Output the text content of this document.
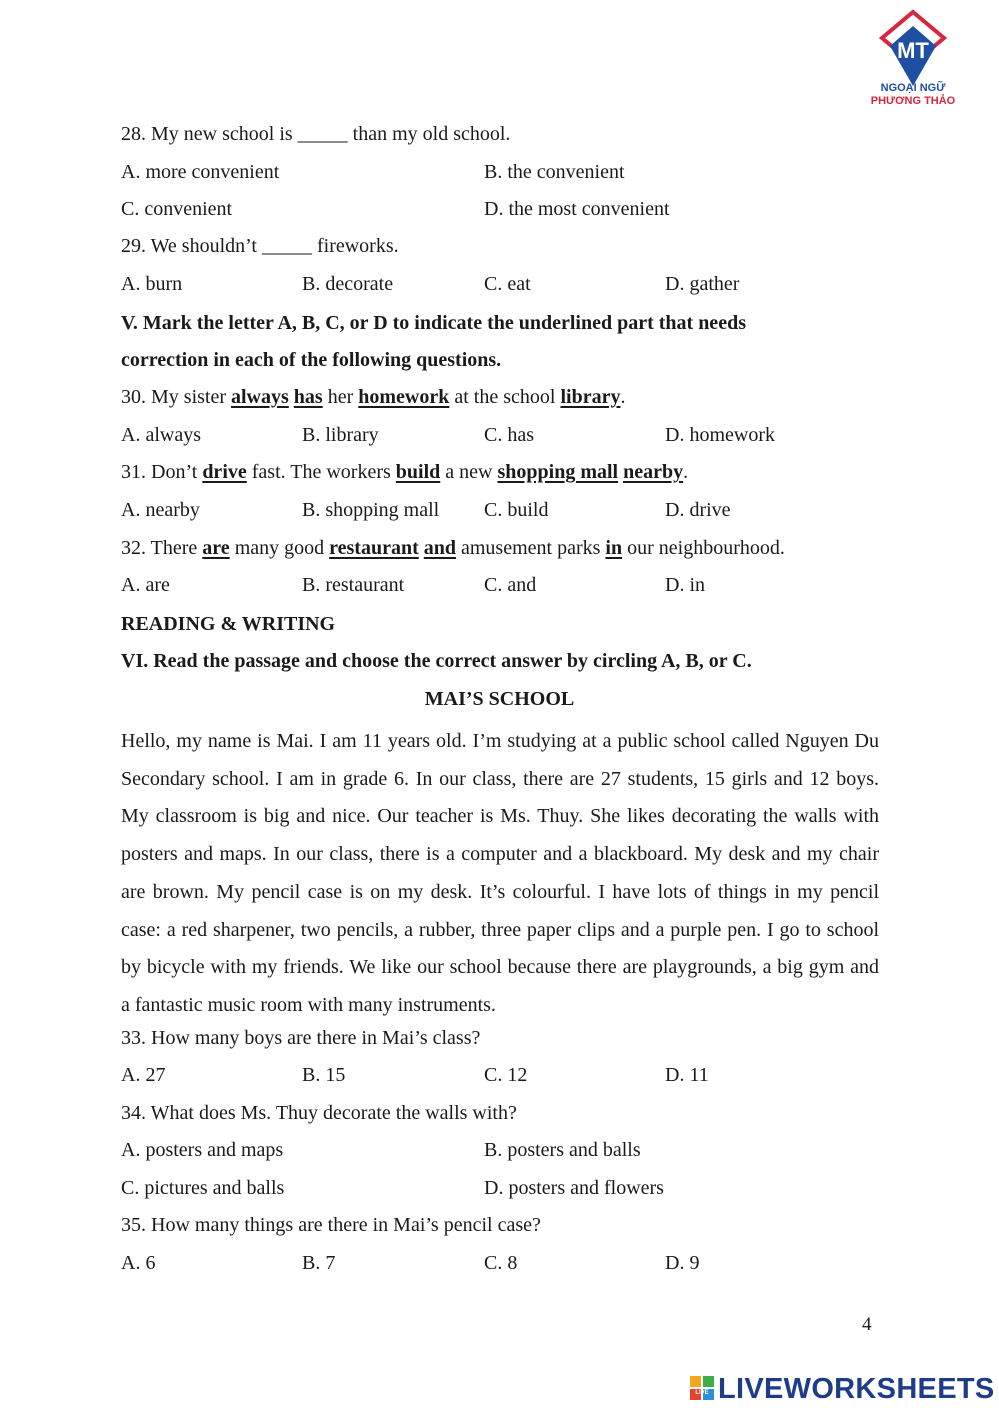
MT
NGOẠI NGỮ
PHƯƠNG THẢO
28. My new school is _____ than my old school.
A. more convenient	B. the convenient
C. convenient	D. the most convenient
29. We shouldn’t _____ fireworks.
A. burn	B. decorate	C. eat	D. gather
V. Mark the letter A, B, C, or D to indicate the underlined part that needs
correction in each of the following questions.
30. My sister always has her homework at the school library.
A. always	B. library	C. has	D. homework
31. Don’t drive fast. The workers build a new shopping mall nearby.
A. nearby	B. shopping mall C. build	D. drive
32. There are many good restaurant and amusement parks in our neighbourhood.
A. are	B. restaurant	C. and	D. in
READING & WRITING
VI. Read the passage and choose the correct answer by circling A, B, or C.
MAI’S SCHOOL

Hello, my name is Mai. I am 11 years old. I’m studying at a public school called Nguyen Du Secondary school. I am in grade 6. In our class, there are 27 students, 15 girls and 12 boys. My classroom is big and nice. Our teacher is Ms. Thuy. She likes decorating the walls with posters and maps. In our class, there is a computer and a blackboard. My desk and my chair are brown. My pencil case is on my desk. It’s colourful. I have lots of things in my pencil case: a red sharpener, two pencils, a rubber, three paper clips and a purple pen. I go to school by bicycle with my friends. We like our school because there are playgrounds, a big gym and a fantastic music room with many instruments.

33. How many boys are there in Mai’s class?
A. 27	B. 15	C. 12	D. 11
34. What does Ms. Thuy decorate the walls with?
A. posters and maps	B. posters and balls
C. pictures and balls	D. posters and flowers
35. How many things are there in Mai’s pencil case?
A. 6	B. 7	C. 8	D. 9
4
LIVE LIVEWORKSHEETS
